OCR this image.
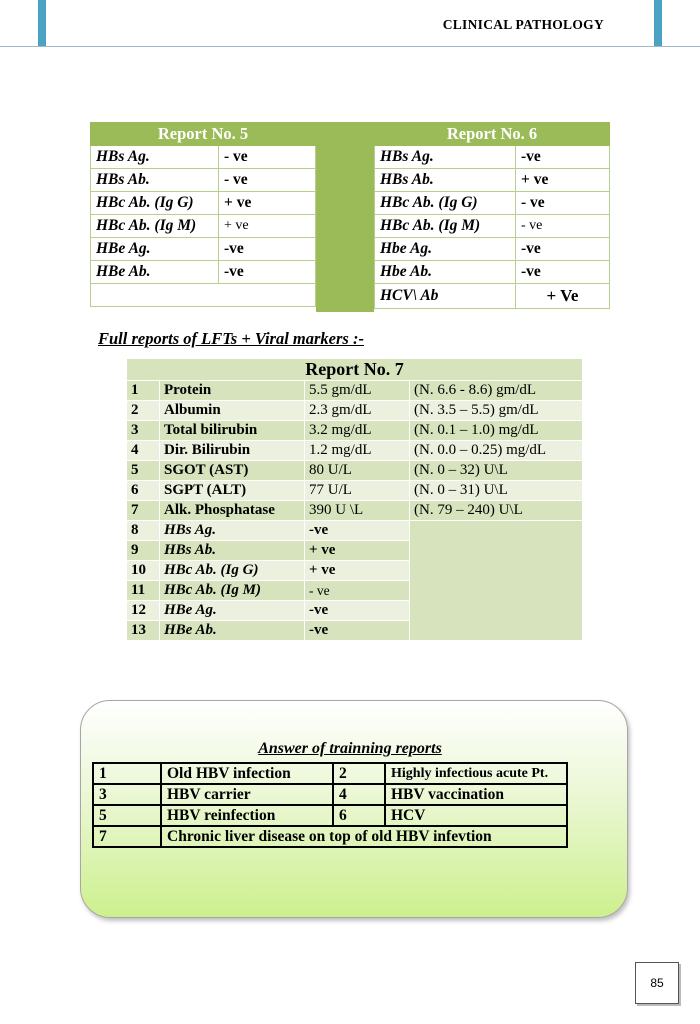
CLINICAL PATHOLOGY
Report No. 5	
HBs Ag.	- ve
HBs Ab.	- ve
HBc Ab. (Ig G)	+ ve
HBc Ab. (Ig M)	+ ve
HBe Ag.	-ve
HBe Ab.	-ve

Report No. 6	
HBs Ag.	-ve
HBs Ab.	+ ve
HBc Ab. (Ig G)	- ve
HBc Ab. (Ig M)	- ve
Hbe Ag.	-ve
Hbe Ab.	-ve
HCV\ Ab	+ Ve
Full reports of LFTs + Viral markers :-
Report No. 7			
1	Protein	5.5 gm/dL	(N. 6.6 - 8.6) gm/dL
2	Albumin	2.3 gm/dL	(N. 3.5 – 5.5) gm/dL
3	Total bilirubin	3.2 mg/dL	(N. 0.1 – 1.0) mg/dL
4	Dir. Bilirubin	1.2 mg/dL	(N. 0.0 – 0.25) mg/dL
5	SGOT (AST)	80 U/L	(N. 0 – 32) U\L
6	SGPT (ALT)	77 U/L	(N. 0 – 31) U\L
7	Alk. Phosphatase	390 U \L	(N. 79 – 240) U\L
8	HBs Ag.	-ve	
9	HBs Ab.	+ ve	
10	HBc Ab. (Ig G)	+ ve	
11	HBc Ab. (Ig M)	- ve	
12	HBe Ag.	-ve	
13	HBe Ab.	-ve	
Answer of trainning reports
1	Old HBV infection	2	Highly infectious acute Pt.
3	HBV carrier	4	HBV vaccination
5	HBV reinfection	6	HCV
7	Chronic liver disease on top of old HBV infevtion		
85
